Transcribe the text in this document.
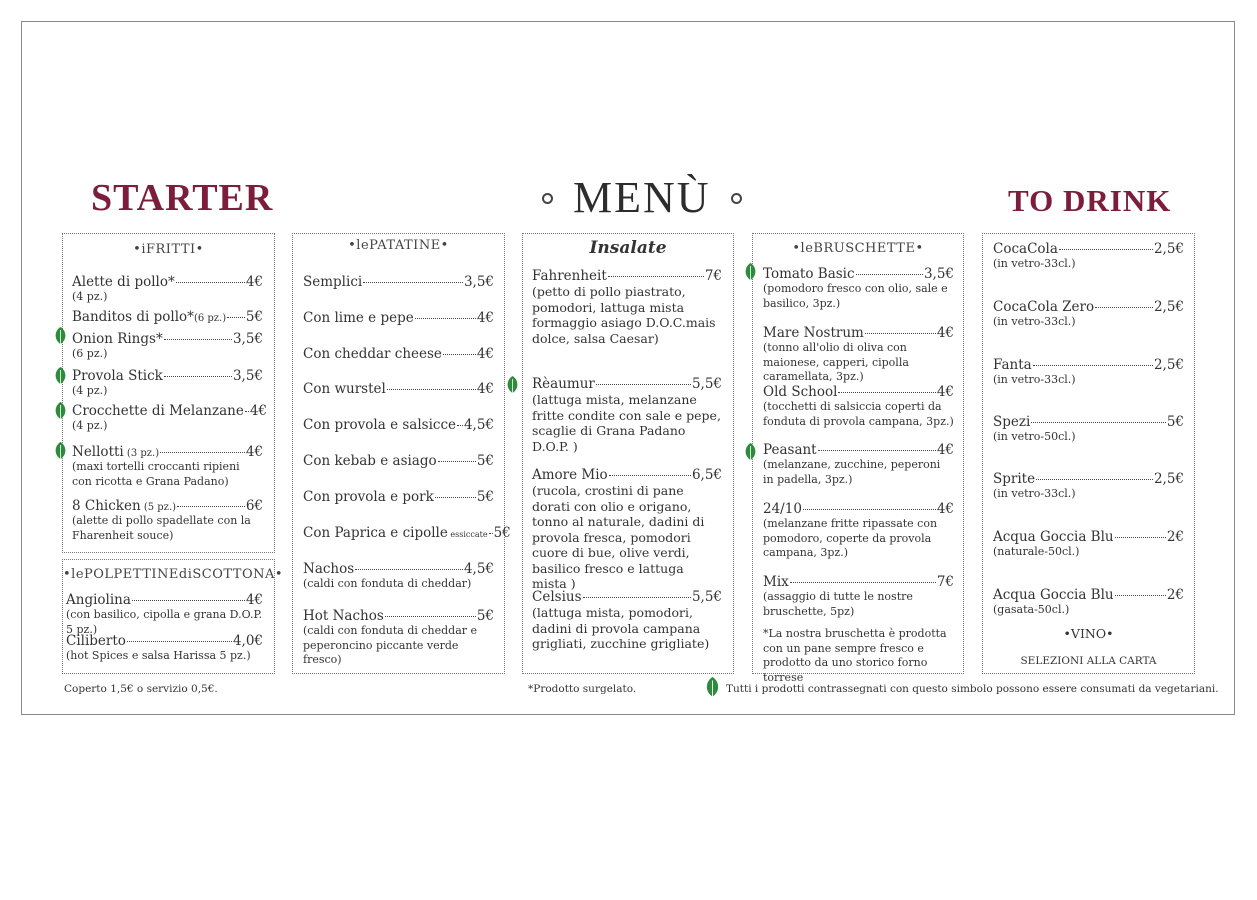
STARTER	MENÙ	TO DRINK
•iFRITTI•
Alette di pollo*	4€
(4 pz.)
Banditos di pollo*(6 pz.) 5€
Onion Rings*	3,5€
(6 pz.)
Provola Stick	3,5€
(4 pz.)
Crocchette di Melanzane 4€
(4 pz.)
Nellotti (3 pz.)	4€
(maxi tortelli croccanti ripieni con ricotta e Grana Padano)
8 Chicken (5 pz.)	6€
(alette di pollo spadellate con la Fharenheit souce)
•lePOLPETTINEdiSCOTTONA•
Angiolina	4€
(con basilico, cipolla e grana D.O.P. 5 pz.)
Ciliberto	4,0€
(hot Spices e salsa Harissa 5 pz.)
•lePATATINE•
Semplici	3,5€
Con lime e pepe	4€
Con cheddar cheese	4€
Con wurstel	4€
Con provola e salsicce 4,5€
Con kebab e asiago	5€
Con provola e pork	5€
Con Paprica e cipolle essiccate 5€
Nachos	4,5€
(caldi con fonduta di cheddar)
Hot Nachos	5€
(caldi con fonduta di cheddar e peperoncino piccante verde fresco)
Insalate
Fahrenheit	7€
(petto di pollo piastrato, pomodori, lattuga mista formaggio asiago D.O.C.mais dolce, salsa Caesar)
Rèaumur	5,5€
(lattuga mista, melanzane fritte condite con sale e pepe, scaglie di Grana Padano D.O.P. )
Amore Mio	6,5€
(rucola, crostini di pane dorati con olio e origano, tonno al naturale, dadini di provola fresca, pomodori cuore di bue, olive verdi, basilico fresco e lattuga mista )
Celsius	5,5€
(lattuga mista, pomodori, dadini di provola campana grigliati, zucchine grigliate)
•leBRUSCHETTE•
Tomato Basic	3,5€
(pomodoro fresco con olio, sale e basilico, 3pz.)
Mare Nostrum	4€
(tonno all'olio di oliva con maionese, capperi, cipolla caramellata, 3pz.)
Old School	4€
(tocchetti di salsiccia coperti da fonduta di provola campana, 3pz.)
Peasant	4€
(melanzane, zucchine, peperoni in padella, 3pz.)
24/10	4€
(melanzane fritte ripassate con pomodoro, coperte da provola campana, 3pz.)
Mix	7€
(assaggio di tutte le nostre bruschette, 5pz)
*La nostra bruschetta è prodotta con un pane sempre fresco e prodotto da uno storico forno torrese
CocaCola	2,5€
(in vetro-33cl.)
CocaCola Zero	2,5€
(in vetro-33cl.)
Fanta	2,5€
(in vetro-33cl.)
Spezi	5€
(in vetro-50cl.)
Sprite	2,5€
(in vetro-33cl.)
Acqua Goccia Blu	2€
(naturale-50cl.)
Acqua Goccia Blu	2€
(gasata-50cl.)
•VINO•
SELEZIONI ALLA CARTA
Coperto 1,5€ o servizio 0,5€.	*Prodotto surgelato.	Tutti i prodotti contrassegnati con questo simbolo possono essere consumati da vegetariani.
